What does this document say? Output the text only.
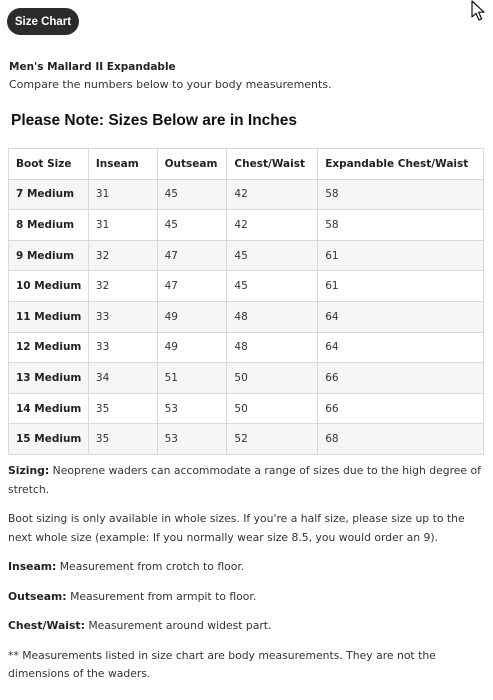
Size Chart
Men's Mallard II Expandable
Compare the numbers below to your body measurements.
Please Note: Sizes Below are in Inches
Boot Size	Inseam	Outseam	Chest/Waist	Expandable Chest/Waist
7 Medium	31	45	42	58
8 Medium	31	45	42	58
9 Medium	32	47	45	61
10 Medium	32	47	45	61
11 Medium	33	49	48	64
12 Medium	33	49	48	64
13 Medium	34	51	50	66
14 Medium	35	53	50	66
15 Medium	35	53	52	68

Sizing: Neoprene waders can accommodate a range of sizes due to the high degree of stretch.

Boot sizing is only available in whole sizes. If you're a half size, please size up to the next whole size (example: If you normally wear size 8.5, you would order an 9).

Inseam: Measurement from crotch to floor.

Outseam: Measurement from armpit to floor.

Chest/Waist: Measurement around widest part.

** Measurements listed in size chart are body measurements. They are not the dimensions of the waders.
